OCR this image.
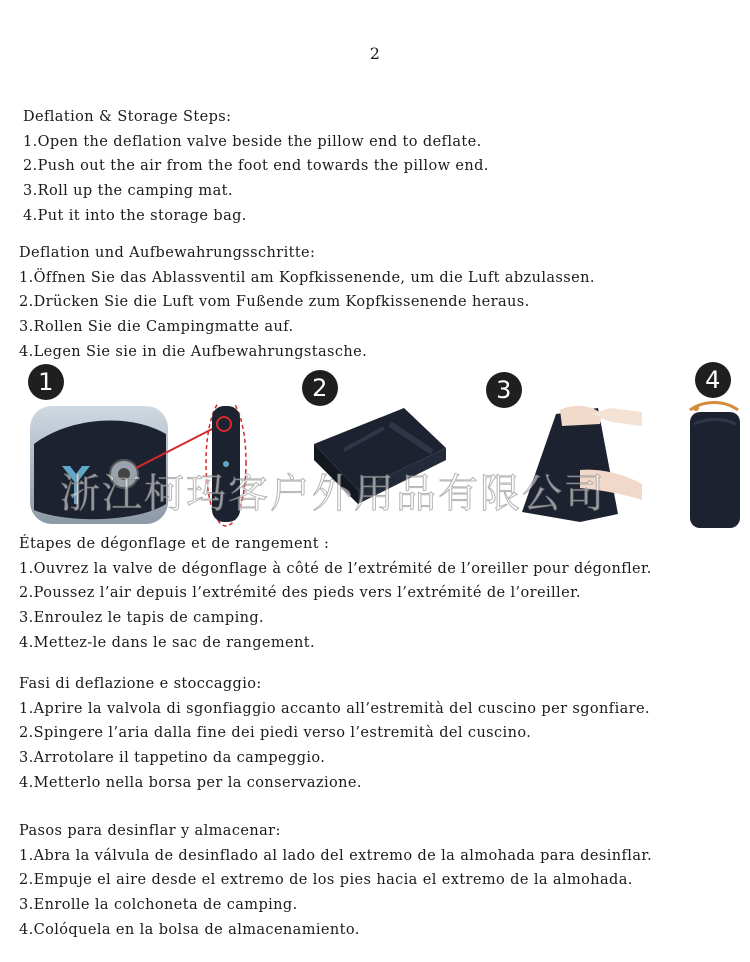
2
Deflation & Storage Steps:
1.Open the deflation valve beside the pillow end to deflate.
2.Push out the air from the foot end towards the pillow end.
3.Roll up the camping mat.
4.Put it into the storage bag.
Deflation und Aufbewahrungsschritte:
1.Öffnen Sie das Ablassventil am Kopfkissenende, um die Luft abzulassen.
2.Drücken Sie die Luft vom Fußende zum Kopfkissenende heraus.
3.Rollen Sie die Campingmatte auf.
4.Legen Sie sie in die Aufbewahrungstasche.
1	2	3	4
浙江柯玛客户外用品有限公司
Étapes de dégonflage et de rangement :
1.Ouvrez la valve de dégonflage à côté de l’extrémité de l’oreiller pour dégonfler.
2.Poussez l’air depuis l’extrémité des pieds vers l’extrémité de l’oreiller.
3.Enroulez le tapis de camping.
4.Mettez-le dans le sac de rangement.
Fasi di deflazione e stoccaggio:
1.Aprire la valvola di sgonfiaggio accanto all’estremità del cuscino per sgonfiare.
2.Spingere l’aria dalla fine dei piedi verso l’estremità del cuscino.
3.Arrotolare il tappetino da campeggio.
4.Metterlo nella borsa per la conservazione.
Pasos para desinflar y almacenar:
1.Abra la válvula de desinflado al lado del extremo de la almohada para desinflar.
2.Empuje el aire desde el extremo de los pies hacia el extremo de la almohada.
3.Enrolle la colchoneta de camping.
4.Colóquela en la bolsa de almacenamiento.
